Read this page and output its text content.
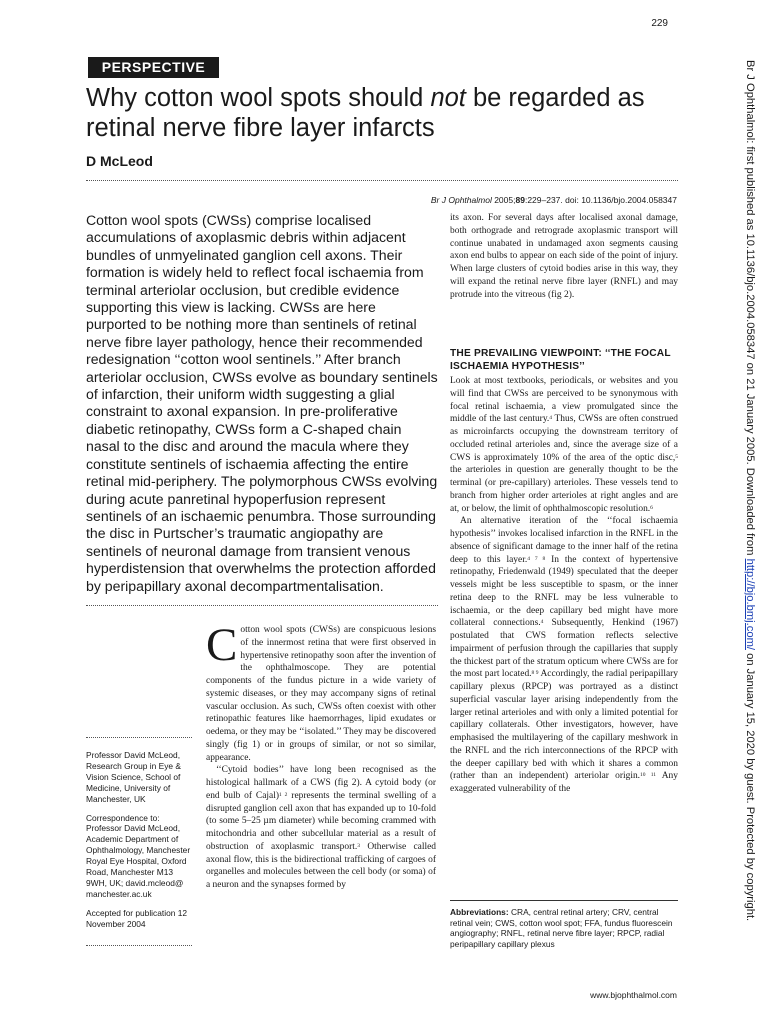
229
PERSPECTIVE
Why cotton wool spots should not be regarded as retinal nerve fibre layer infarcts
D McLeod
Br J Ophthalmol 2005;89:229–237. doi: 10.1136/bjo.2004.058347
Cotton wool spots (CWSs) comprise localised accumulations of axoplasmic debris within adjacent bundles of unmyelinated ganglion cell axons. Their formation is widely held to reflect focal ischaemia from terminal arteriolar occlusion, but credible evidence supporting this view is lacking. CWSs are here purported to be nothing more than sentinels of retinal nerve fibre layer pathology, hence their recommended redesignation ‘‘cotton wool sentinels.’’ After branch arteriolar occlusion, CWSs evolve as boundary sentinels of infarction, their uniform width suggesting a glial constraint to axonal expansion. In pre-proliferative diabetic retinopathy, CWSs form a C-shaped chain nasal to the disc and around the macula where they constitute sentinels of ischaemia affecting the entire retinal mid-periphery. The polymorphous CWSs evolving during acute panretinal hypoperfusion represent sentinels of an ischaemic penumbra. Those surrounding the disc in Purtscher’s traumatic angiopathy are sentinels of neuronal damage from transient venous hyperdistension that overwhelms the protection afforded by peripapillary axonal decompartmentalisation.

Professor David McLeod, Research Group in Eye & Vision Science, School of Medicine, University of Manchester, UK

Correspondence to: Professor David McLeod, Academic Department of Ophthalmology, Manchester Royal Eye Hospital, Oxford Road, Manchester M13 9WH, UK; david.mcleod@ manchester.ac.uk

Accepted for publication 12 November 2004

Cotton wool spots (CWSs) are conspicuous lesions of the innermost retina that were first observed in hypertensive retinopathy soon after the invention of the ophthalmoscope. They are potential components of the fundus picture in a wide variety of systemic diseases, or they may accompany signs of retinal vascular occlusion. As such, CWSs often coexist with other retinopathic features like haemorrhages, lipid exudates or oedema, or they may be ‘‘isolated.’’ They may be discovered singly (fig 1) or in groups of similar, or not so similar, appearance.

‘‘Cytoid bodies’’ have long been recognised as the histological hallmark of a CWS (fig 2). A cytoid body (or end bulb of Cajal)$^{1 2}$ represents the terminal swelling of a disrupted ganglion cell axon that has expanded up to 10-fold (to some 5–25 µm diameter) while becoming crammed with mitochondria and other subcellular material as a result of obstruction of axoplasmic transport.$^3$ Otherwise called axonal flow, this is the bidirectional trafficking of cargoes of organelles and molecules between the cell body (or soma) of a neuron and the synapses formed by

its axon. For several days after localised axonal damage, both orthograde and retrograde axoplasmic transport will continue unabated in undamaged axon segments causing axon end bulbs to appear on each side of the point of injury. When large clusters of cytoid bodies arise in this way, they will expand the retinal nerve fibre layer (RNFL) and may protrude into the vitreous (fig 2).

THE PREVAILING VIEWPOINT: ‘‘THE FOCAL ISCHAEMIA HYPOTHESIS’’

Look at most textbooks, periodicals, or websites and you will find that CWSs are perceived to be synonymous with focal retinal ischaemia, a view promulgated since the middle of the last century.$^4$ Thus, CWSs are often construed as microinfarcts occupying the downstream territory of occluded retinal arterioles and, since the average size of a CWS is approximately 10% of the area of the optic disc,$^5$ the arterioles in question are generally thought to be the terminal (or pre-capillary) arterioles. These vessels tend to branch from higher order arterioles at right angles and are at, or below, the limit of ophthalmoscopic resolution.$^6$

An alternative iteration of the ‘‘focal ischaemia hypothesis’’ invokes localised infarction in the RNFL in the absence of significant damage to the inner half of the retina deep to this layer.$^{4 7 8}$ In the context of hypertensive retinopathy, Friedenwald (1949) speculated that the deeper vessels might be less susceptible to spasm, or the inner retina deep to the RNFL may be less vulnerable to ischaemia, or the deep capillary bed might have more collateral connections.$^4$ Subsequently, Henkind (1967) postulated that CWS formation reflects selective impairment of perfusion through the capillaries that supply the thickest part of the stratum opticum where CWSs are for the most part located.$^{8 9}$ Accordingly, the radial peripapillary capillary plexus (RPCP) was portrayed as a distinct superficial vascular layer arising independently from the larger retinal arterioles and with only a limited potential for capillary collaterals. Other investigators, however, have emphasised the multilayering of the capillary meshwork in the RNFL and the rich interconnections of the RPCP with the deeper capillary bed with which it shares a common (rather than an independent) arteriolar origin.$^{10 11}$ Any exaggerated vulnerability of the

Abbreviations: CRA, central retinal artery; CRV, central retinal vein; CWS, cotton wool spot; FFA, fundus fluorescein angiography; RNFL, retinal nerve fibre layer; RPCP, radial peripapillary capillary plexus
www.bjophthalmol.com
Br J Ophthalmol: first published as 10.1136/bjo.2004.058347 on 21 January 2005. Downloaded from http://bjo.bmj.com/ on January 15, 2020 by guest. Protected by copyright.
